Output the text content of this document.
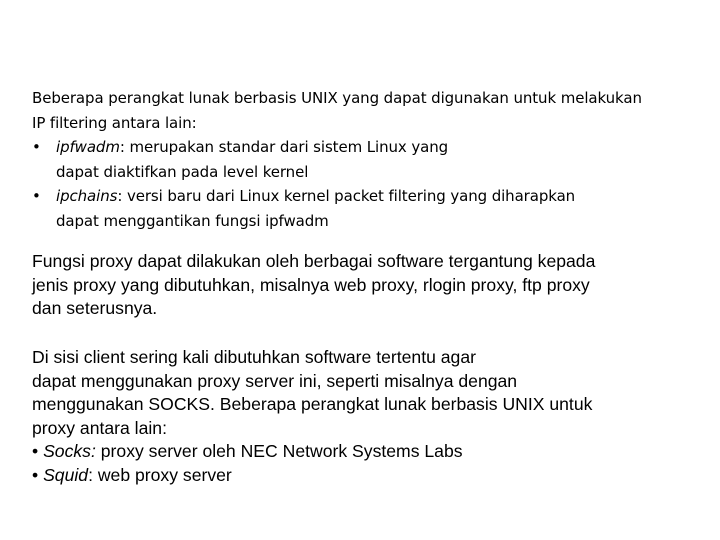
Beberapa perangkat lunak berbasis UNIX yang dapat digunakan untuk melakukan
IP filtering antara lain:
•	ipfwadm: merupakan standar dari sistem Linux yang
dapat diaktifkan pada level kernel
•	ipchains: versi baru dari Linux kernel packet filtering yang diharapkan
dapat menggantikan fungsi ipfwadm
Fungsi proxy dapat dilakukan oleh berbagai software tergantung kepada
jenis proxy yang dibutuhkan, misalnya web proxy, rlogin proxy, ftp proxy
dan seterusnya.
Di sisi client sering kali dibutuhkan software tertentu agar
dapat menggunakan proxy server ini, seperti misalnya dengan
menggunakan SOCKS. Beberapa perangkat lunak berbasis UNIX untuk
proxy antara lain:
• Socks: proxy server oleh NEC Network Systems Labs
• Squid: web proxy server
